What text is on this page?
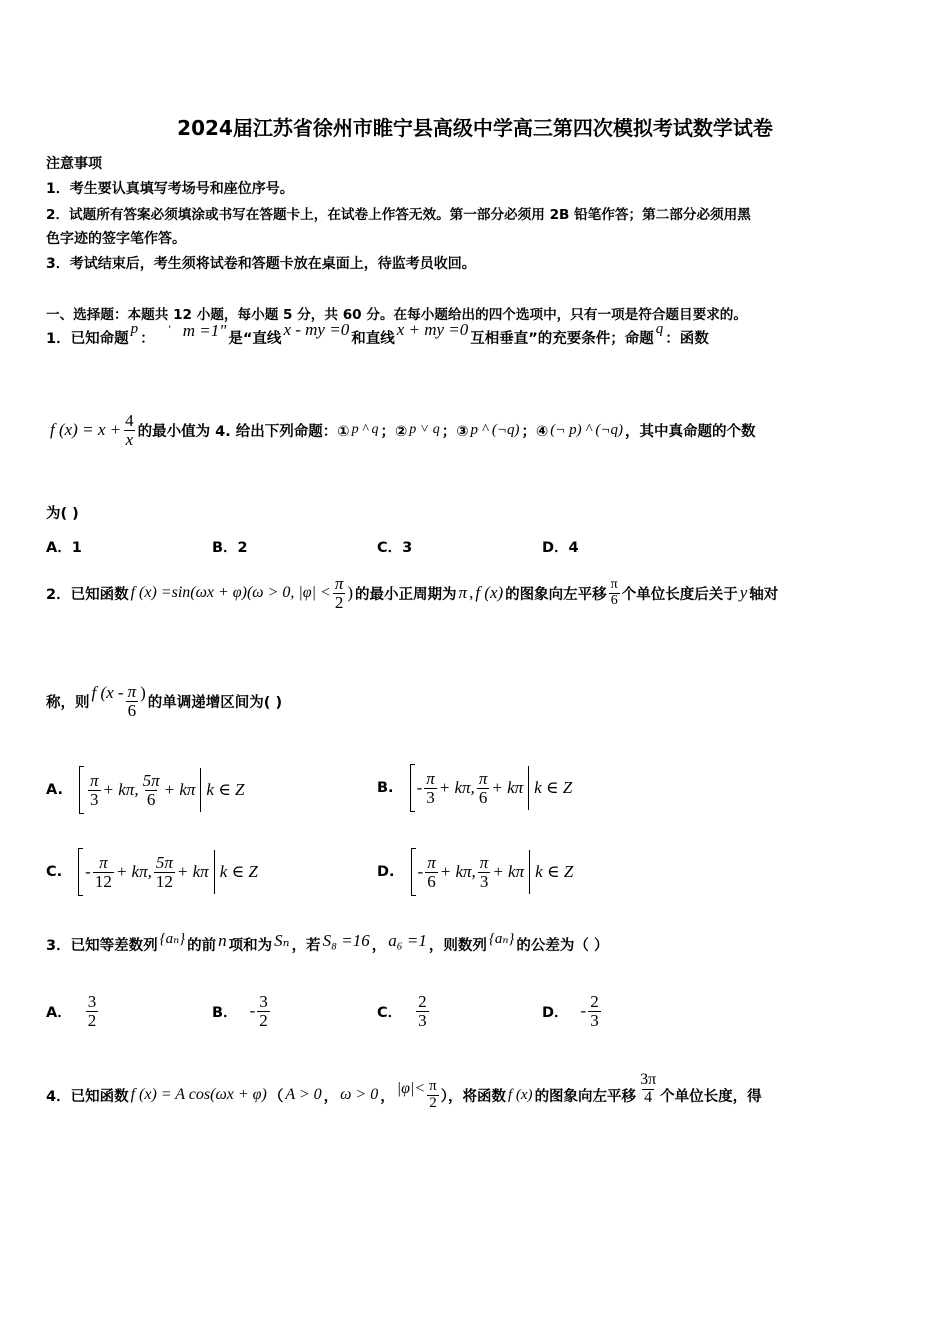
2024届江苏省徐州市睢宁县高级中学高三第四次模拟考试数学试卷
注意事项
1．考生要认真填写考场号和座位序号。
2．试题所有答案必须填涂或书写在答题卡上，在试卷上作答无效。第一部分必须用 2B 铅笔作答；第二部分必须用黑
色字迹的签字笔作答。
3．考试结束后，考生须将试卷和答题卡放在桌面上，待监考员收回。
一、选择题：本题共 12 小题，每小题 5 分，共 60 分。在每小题给出的四个选项中，只有一项是符合题目要求的。
1．已知命题
p
：
' m =1" 是“直线
x - my =0
和直线
x + my =0
互相垂直”的充要条件；命题
q
：函数
f $(x) = x + \frac{4}{x}$ 的最小值为 4. 给出下列命题：① p ^ q ；② p ˅ q ；③ p ^ (¬q) ；④ (¬ p) ^ (¬q) ，其中真命题的个数
为( )
A．1	B．2	C．3	D．4
2．已知函数 f (x) =sin(ωx + φ)(ω > 0, $|\varphi| < \frac{\pi}{2}$ ) 的最小正周期为 π , f (x) 的图象向左平移 $\frac{\pi}{6}$ 个单位长度后关于 y 轴对
称，则
f ($x - \frac{\pi}{6}$ )
的单调递增区间为( )
A. $\frac{\pi}{3} + k\pi$, $\frac{5\pi}{6} + k\pi$ k ∈ Z	B. - $\frac{\pi}{3} + k\pi$, $\frac{\pi}{6} + k\pi$ k ∈ Z
C. - $\frac{\pi}{12} + k\pi$, $\frac{5\pi}{12} + k\pi$ k ∈ Z	D. - $\frac{\pi}{6} + k\pi$, $\frac{\pi}{3} + k\pi$ k ∈ Z
3．已知等差数列 {aₙ} 的前 n 项和为 Sₙ ，若 S₈ =16 ， a₆ =1 ，则数列 {aₙ} 的公差为（ ）
A． $\frac{3}{2}$	B． - $\frac{3}{2}$	C． $\frac{2}{3}$	D． - $\frac{2}{3}$
4．已知函数 f (x) = A cos(ωx + φ) （ A > 0 ， ω > 0 ， $|\varphi|< \frac{\pi}{2}$ ），将函数 f (x) 的图象向左平移 $\frac{3\pi}{4}$ 个单位长度，得
